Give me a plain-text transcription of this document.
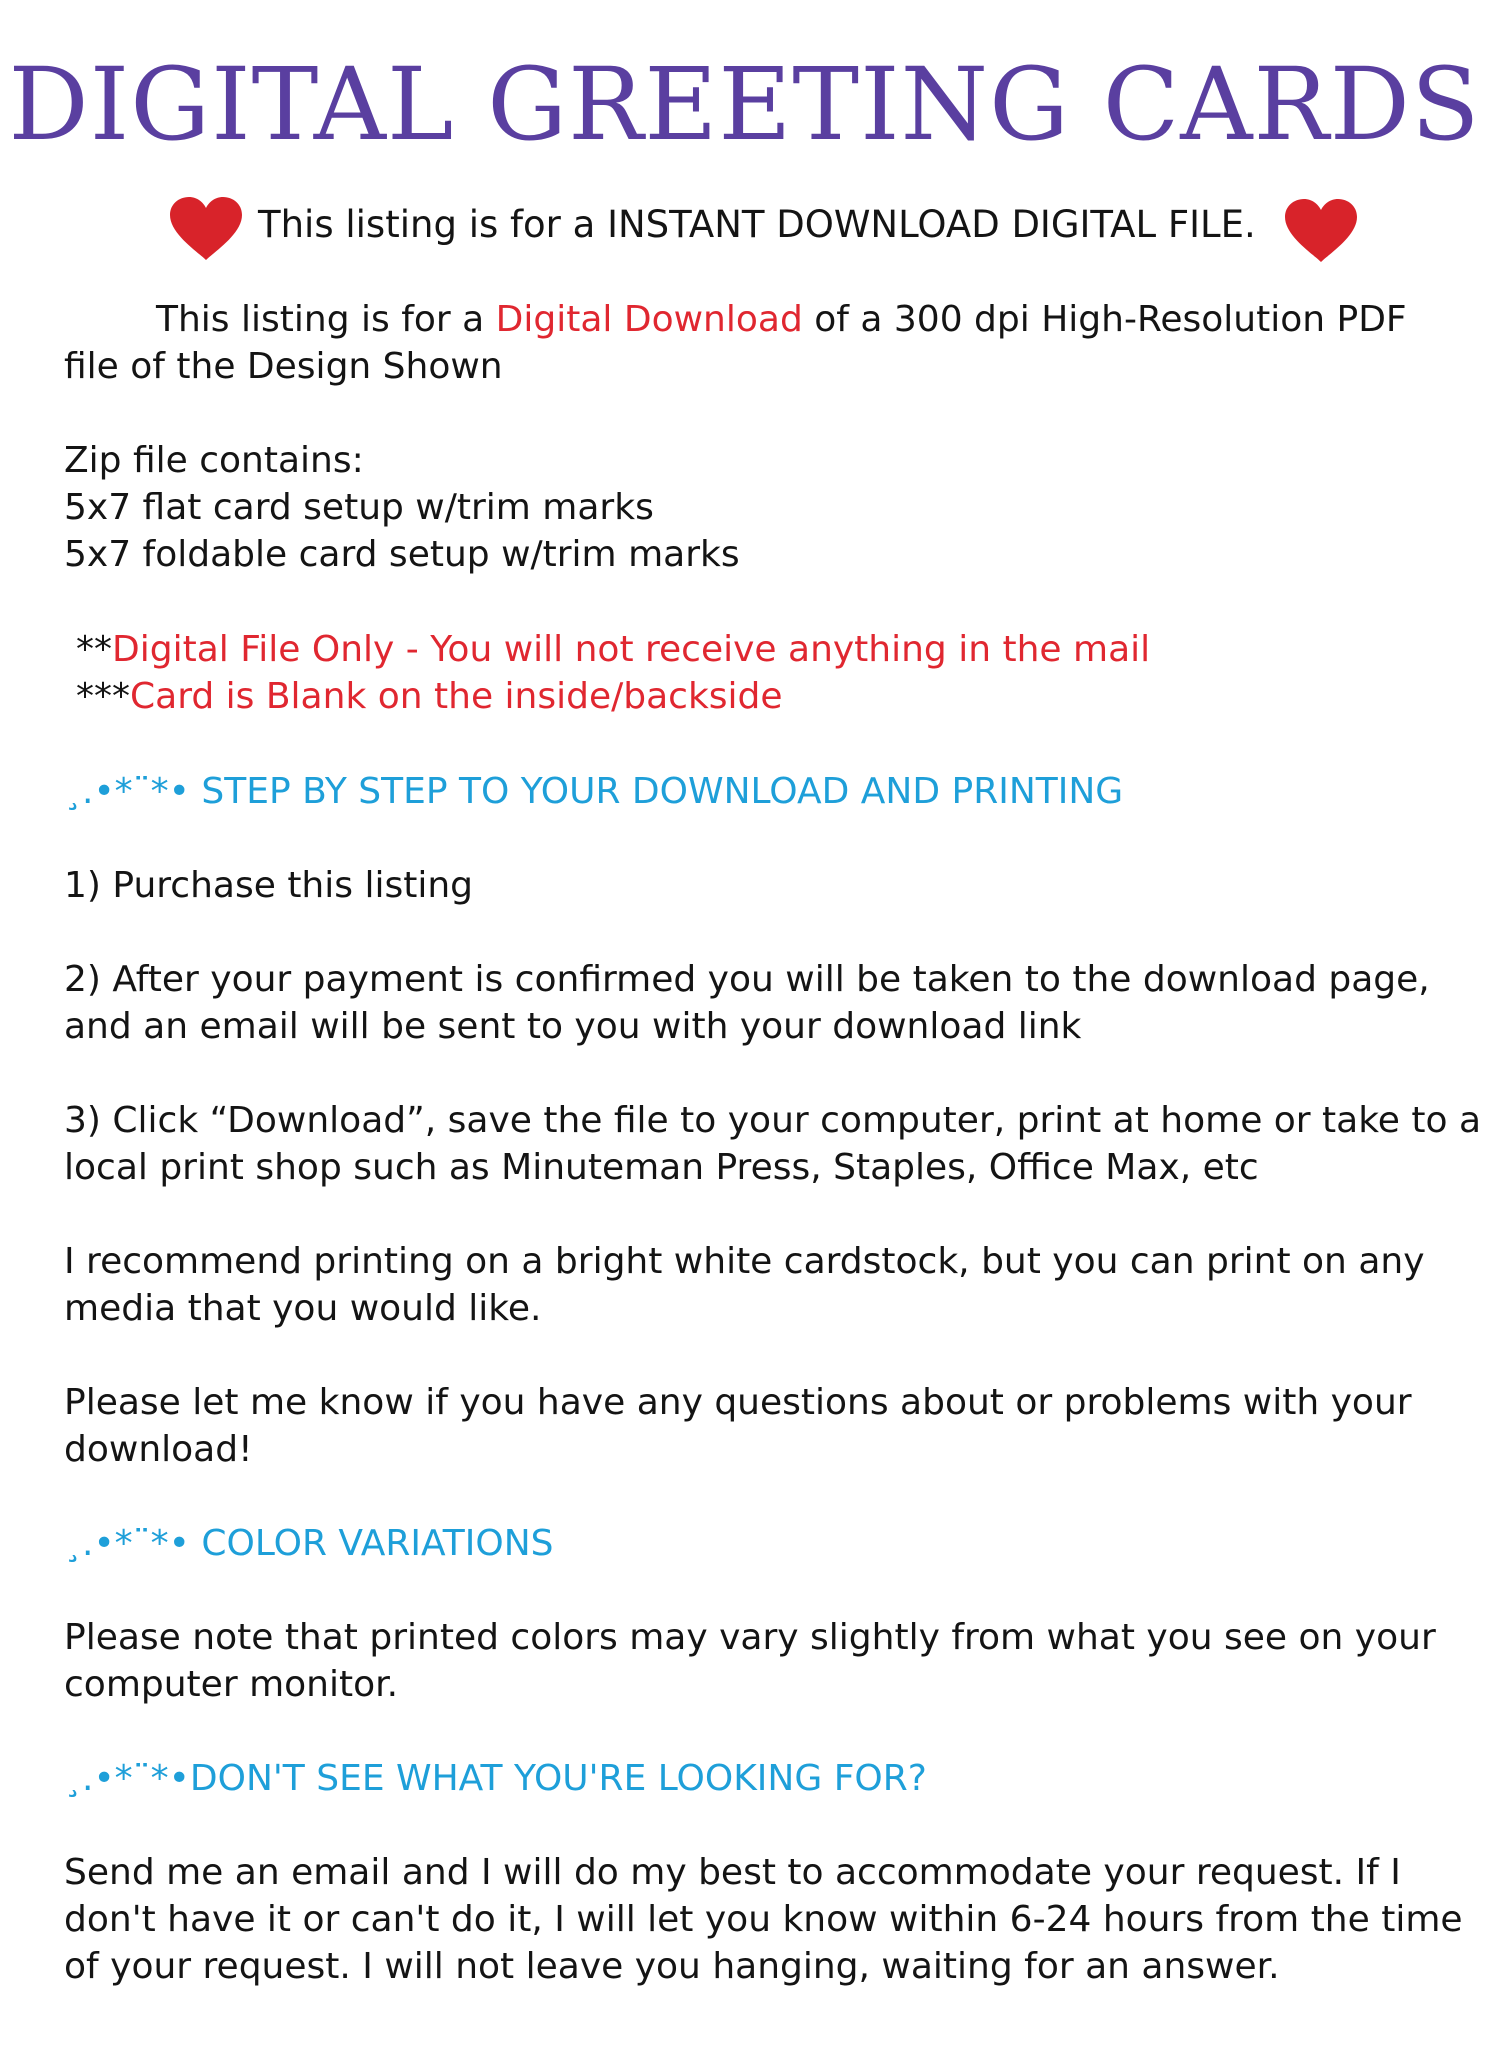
DIGITAL GREETING CARDS
This listing is for a INSTANT DOWNLOAD DIGITAL FILE.
This listing is for a Digital Download of a 300 dpi High-Resolution PDF
file of the Design Shown
Zip file contains:
5x7 flat card setup w/trim marks
5x7 foldable card setup w/trim marks
**Digital File Only - You will not receive anything in the mail
***Card is Blank on the inside/backside
¸.•*¨*• STEP BY STEP TO YOUR DOWNLOAD AND PRINTING
1) Purchase this listing
2) After your payment is confirmed you will be taken to the download page,
and an email will be sent to you with your download link
3) Click “Download”, save the file to your computer, print at home or take to a
local print shop such as Minuteman Press, Staples, Office Max, etc
I recommend printing on a bright white cardstock, but you can print on any
media that you would like.
Please let me know if you have any questions about or problems with your
download!
¸.•*¨*• COLOR VARIATIONS
Please note that printed colors may vary slightly from what you see on your
computer monitor.
¸.•*¨*•DON'T SEE WHAT YOU'RE LOOKING FOR?
Send me an email and I will do my best to accommodate your request. If I
don't have it or can't do it, I will let you know within 6-24 hours from the time
of your request. I will not leave you hanging, waiting for an answer.
